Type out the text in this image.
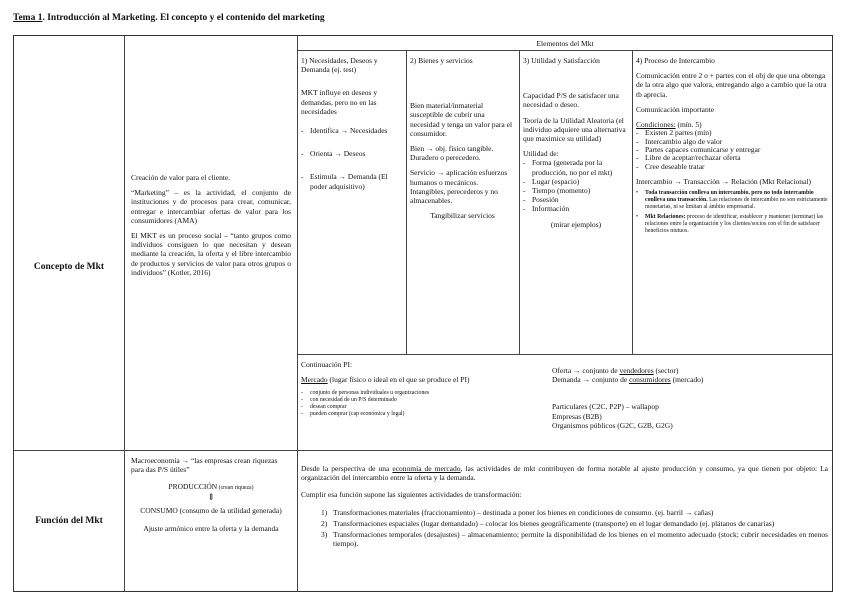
Tema 1. Introducción al Marketing. El concepto y el contenido del marketing
Elementos del Mkt
Concepto de Mkt
Creación de valor para el cliente.
“Marketing” – es la actividad, el conjunto de instituciones y de procesos para crear, comunicar, entregar e intercambiar ofertas de valor para los consumidores (AMA)
El MKT es un proceso social – “tanto grupos como individuos consiguen lo que necesitan y desean mediante la creación, la oferta y el libre intercambio de productos y servicios de valor para otros grupos o individuos” (Kotler, 2016)
1) Necesidades, Deseos y Demanda (ej. test)
MKT influye en deseos y demandas, pero no en las necesidades
- Identifica → Necesidades
- Orienta → Deseos
- Estimula → Demanda (El poder adquisitivo)
2) Bienes y servicios
Bien material/inmaterial susceptible de cubrir una necesidad y tenga un valor para el consumidor.
Bien → obj. físico tangible. Duradero o perecedero.
Servicio → aplicación esfuerzos humanos o mecánicos. Intangibles, perecederos y no almacenables.
Tangibilizar servicios
3) Utilidad y Satisfacción
Capacidad P/S de satisfacer una necesidad o deseo.
Teoría de la Utilidad Aleatoria (el individuo adquiere una alternativa que maximice su utilidad)
Utilidad de:
- Forma (generada por la producción, no por el mkt)
- Lugar (espacio)
- Tiempo (momento)
- Posesión
- Información
(mirar ejemplos)
4) Proceso de Intercambio
Comunicación entre 2 o + partes con el obj de que una obtenga de la otra algo que valora, entregando algo a cambio que la otra tb aprecia.
Comunicación importante
Condiciones: (mín. 5)
- Existen 2 partes (mín)
- Intercambio algo de valor
- Partes capaces comunicarse y entregar
- Libre de aceptar/rechazar oferta
- Cree deseable tratar
Intercambio → Transacción → Relación (Mkt Relacional)
• Toda transacción conlleva un intercambio, pero no todo intercambio conlleva una transacción. Las relaciones de intercambio no son estrictamente monetarias, ni se limitan al ámbito empresarial.
• Mkt Relaciones: proceso de identificar, establecer y mantener (terminar) las relaciones entre la organización y los clientes/socios con el fin de satisfacer beneficios mutuos.
Continuación PI:
Mercado (lugar físico o ideal en el que se produce el PI)
- conjunto de personas individuales u organizaciones
- con necesidad de un P/S determinado
- desean comprar
- pueden comprar (cap económica y legal)
Oferta → conjunto de vendedores (sector)
Demanda → conjunto de consumidores (mercado)
Particulares (C2C, P2P) – wallapop
Empresas (B2B)
Organismos públicos (G2C, G2B, G2G)
Función del Mkt
Macroeconomía → “las empresas crean riquezas para das P/S útiles”
PRODUCCIÓN (crean riqueza)
⇕
CONSUMO (consumo de la utilidad generada)
Ajuste armónico entre la oferta y la demanda
Desde la perspectiva de una economía de mercado, las actividades de mkt contribuyen de forma notable al ajuste producción y consumo, ya que tienen por objeto: La organización del intercambio entre la oferta y la demanda.
Cumplir esa función supone las siguientes actividades de transformación:
1) Transformaciones materiales (fraccionamiento) – destinada a poner los bienes en condiciones de consumo. (ej. barril → cañas)
2) Transformaciones espaciales (lugar demandado) – colocar los bienes geográficamente (transporte) en el lugar demandado (ej. plátanos de canarias)
3) Transformaciones temporales (desajustes) – almacenamiento; permite la disponibilidad de los bienes en el momento adecuado (stock; cubrir necesidades en menos tiempo).
